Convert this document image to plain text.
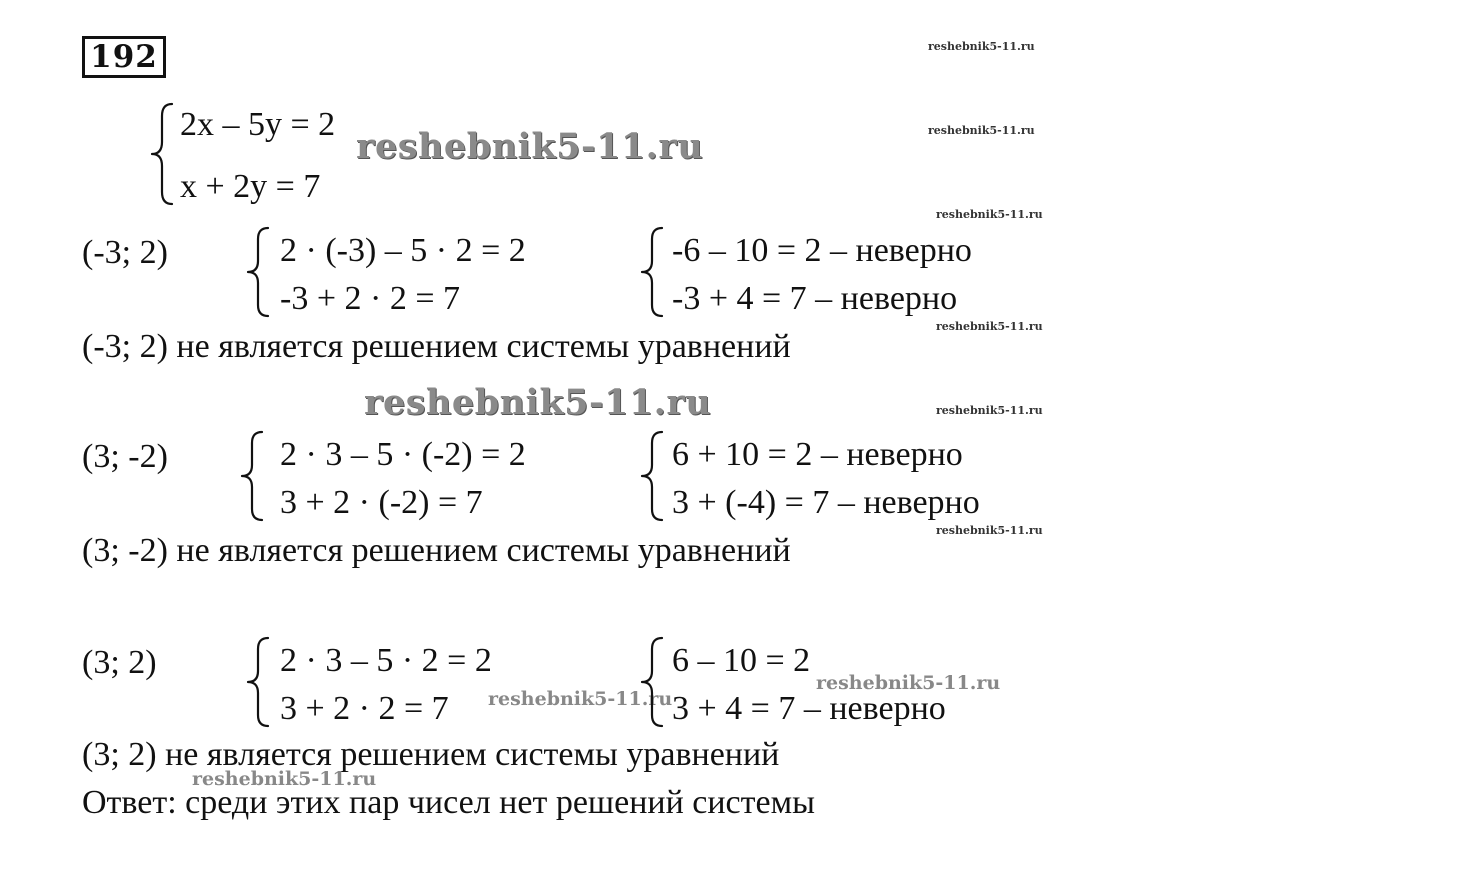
192	reshebnik5-11.ru
reshebnik5-11.ru
reshebnik5-11.ru
reshebnik5-11.ru
reshebnik5-11.ru
reshebnik5-11.ru
2x – 5y = 2
x + 2y = 7
reshebnik5-11.ru
(-3; 2)	2 · (-3) – 5 · 2 = 2
-3 + 2 · 2 = 7
-6 – 10 = 2 – неверно
-3 + 4 = 7 – неверно
(-3; 2) не является решением системы уравнений
reshebnik5-11.ru
(3; -2)	2 · 3 – 5 · (-2) = 2
3 + 2 · (-2) = 7
6 + 10 = 2 – неверно
3 + (-4) = 7 – неверно
(3; -2) не является решением системы уравнений
(3; 2)	2 · 3 – 5 · 2 = 2
3 + 2 · 2 = 7 reshebnik5-11.ru
6 – 10 = 2
3 + 4 = 7 – неверно
reshebnik5-11.ru
(3; 2) не является решением системы уравнений
reshebnik5-11.ru
Ответ: среди этих пар чисел нет решений системы
